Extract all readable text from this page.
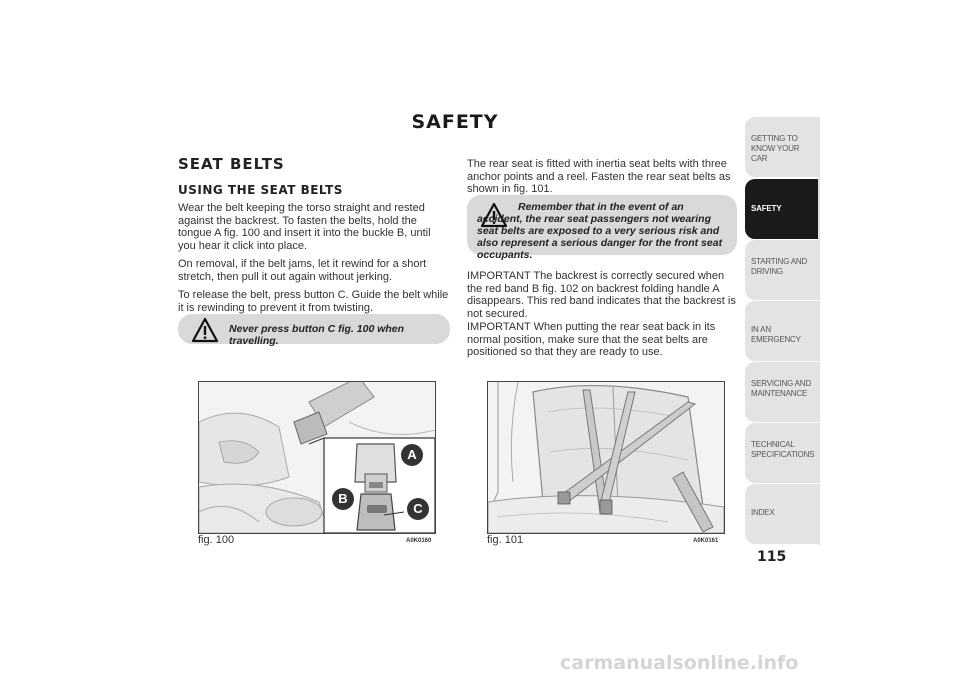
SAFETY
SEAT BELTS
USING THE SEAT BELTS

Wear the belt keeping the torso straight and rested against the backrest. To fasten the belts, hold the tongue A fig. 100 and insert it into the buckle B, until you hear it click into place.

On removal, if the belt jams, let it rewind for a short stretch, then pull it out again without jerking.

To release the belt, press button C. Guide the belt while it is rewinding to prevent it from twisting.

Never press button C fig. 100 when travelling.
The rear seat is fitted with inertia seat belts with three anchor points and a reel. Fasten the rear seat belts as shown in fig. 101.
Remember that in the event of an accident, the rear seat passengers not wearing seat belts are exposed to a very serious risk and also represent a serious danger for the front seat occupants.
IMPORTANT The backrest is correctly secured when the red band B fig. 102 on backrest folding handle A disappears. This red band indicates that the backrest is not secured.
IMPORTANT When putting the rear seat back in its normal position, make sure that the seat belts are positioned so that they are ready to use.
A
B
C
fig. 100	A0K0160	fig. 101	A0K0161
GETTING TO KNOW YOUR CAR
SAFETY
STARTING AND DRIVING
IN AN EMERGENCY
SERVICING AND MAINTENANCE
TECHNICAL SPECIFICATIONS
INDEX
115
carmanualsonline.info
